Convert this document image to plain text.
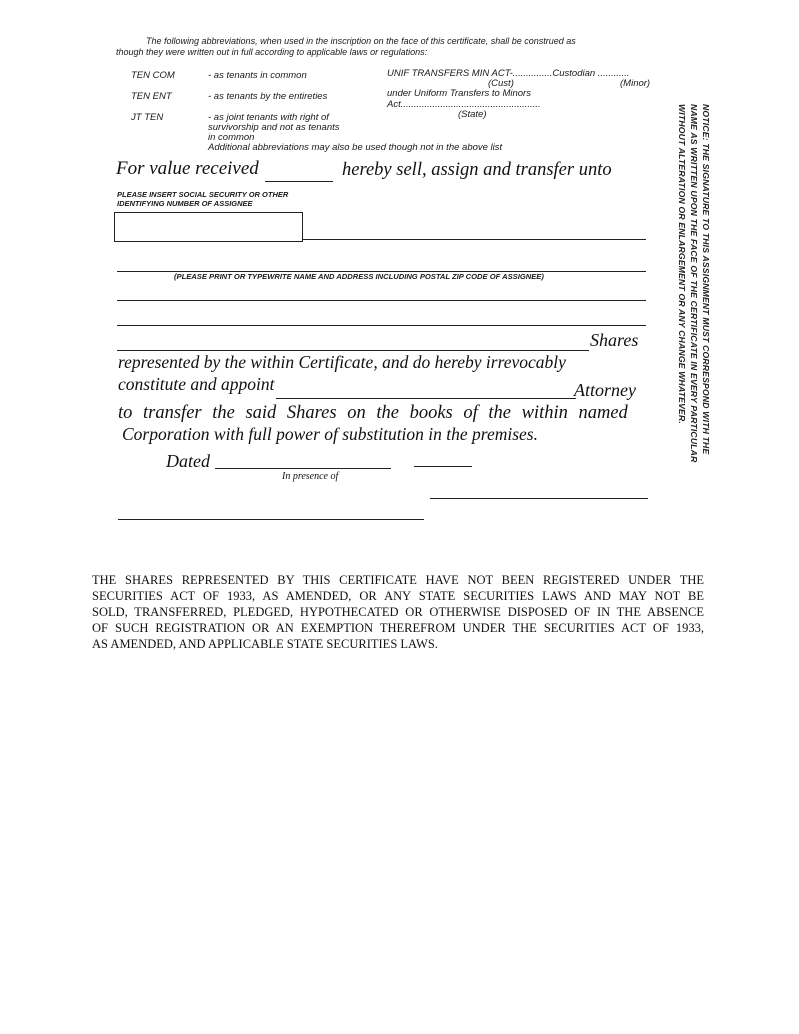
The following abbreviations, when used in the inscription on the face of this certificate, shall be construed as
though they were written out in full according to applicable laws or regulations:
TEN COM	- as tenants in common
TEN ENT	- as tenants by the entireties
JT TEN	- as joint tenants with right of
survivorship and not as tenants
in common
Additional abbreviations may also be used though not in the above list
UNIF TRANSFERS MIN ACT-...............Custodian ............
(Cust)	(Minor)
under Uniform Transfers to Minors
Act.....................................................
(State)
For value received	hereby sell, assign and transfer unto
PLEASE INSERT SOCIAL SECURITY OR OTHER
IDENTIFYING NUMBER OF ASSIGNEE
(PLEASE PRINT OR TYPEWRITE NAME AND ADDRESS INCLUDING POSTAL ZIP CODE OF ASSIGNEE)
Shares
represented by the within Certificate, and do hereby irrevocably
constitute and appoint	Attorney
to transfer the said Shares on the books of the within named
Corporation with full power of substitution in the premises.
Dated
In presence of
NOTICE: THE SIGNATURE TO THIS ASSIGNMENT MUST CORRESPOND WITH THE
NAME AS WRITTEN UPON THE FACE OF THE CERTIFICATE IN EVERY PARTICULAR
WITHOUT ALTERATION OR ENLARGEMENT OR ANY CHANGE WHATEVER.
THE SHARES REPRESENTED BY THIS CERTIFICATE HAVE NOT BEEN REGISTERED UNDER THE
SECURITIES ACT OF 1933, AS AMENDED, OR ANY STATE SECURITIES LAWS AND MAY NOT BE
SOLD, TRANSFERRED, PLEDGED, HYPOTHECATED OR OTHERWISE DISPOSED OF IN THE ABSENCE
OF SUCH REGISTRATION OR AN EXEMPTION THEREFROM UNDER THE SECURITIES ACT OF 1933,
AS AMENDED, AND APPLICABLE STATE SECURITIES LAWS.
